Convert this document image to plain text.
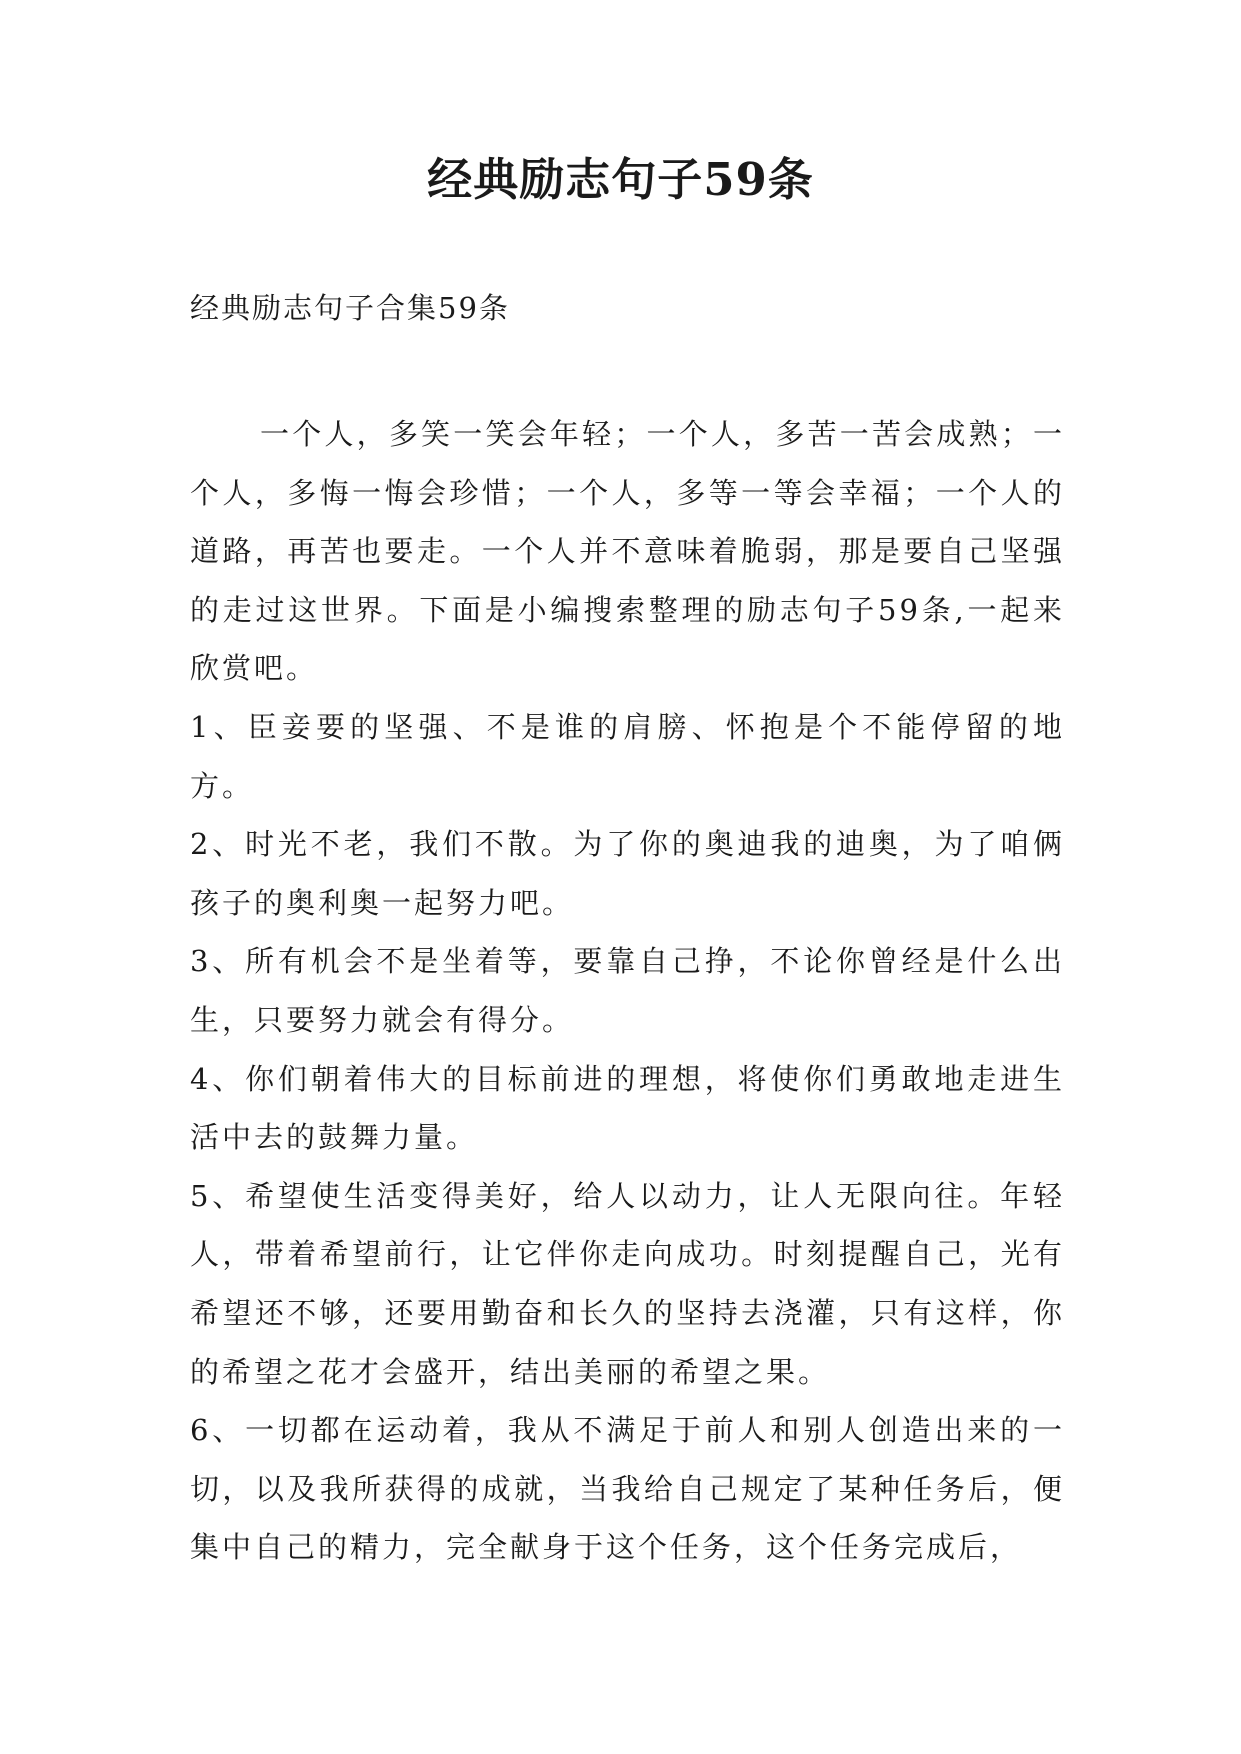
经典励志句子59条
经典励志句子合集59条

一个人，多笑一笑会年轻；一个人，多苦一苦会成熟；一个人，多悔一悔会珍惜；一个人，多等一等会幸福；一个人的道路，再苦也要走。一个人并不意味着脆弱，那是要自己坚强的走过这世界。下面是小编搜索整理的励志句子59条,一起来欣赏吧。

1、臣妾要的坚强、不是谁的肩膀、怀抱是个不能停留的地方。

2、时光不老，我们不散。为了你的奥迪我的迪奥，为了咱俩孩子的奥利奥一起努力吧。

3、所有机会不是坐着等，要靠自己挣，不论你曾经是什么出生，只要努力就会有得分。

4、你们朝着伟大的目标前进的理想，将使你们勇敢地走进生活中去的鼓舞力量。

5、希望使生活变得美好，给人以动力，让人无限向往。年轻人，带着希望前行，让它伴你走向成功。时刻提醒自己，光有希望还不够，还要用勤奋和长久的坚持去浇灌，只有这样，你的希望之花才会盛开，结出美丽的希望之果。

6、一切都在运动着，我从不满足于前人和别人创造出来的一切，以及我所获得的成就，当我给自己规定了某种任务后，便集中自己的精力，完全献身于这个任务，这个任务完成后，
